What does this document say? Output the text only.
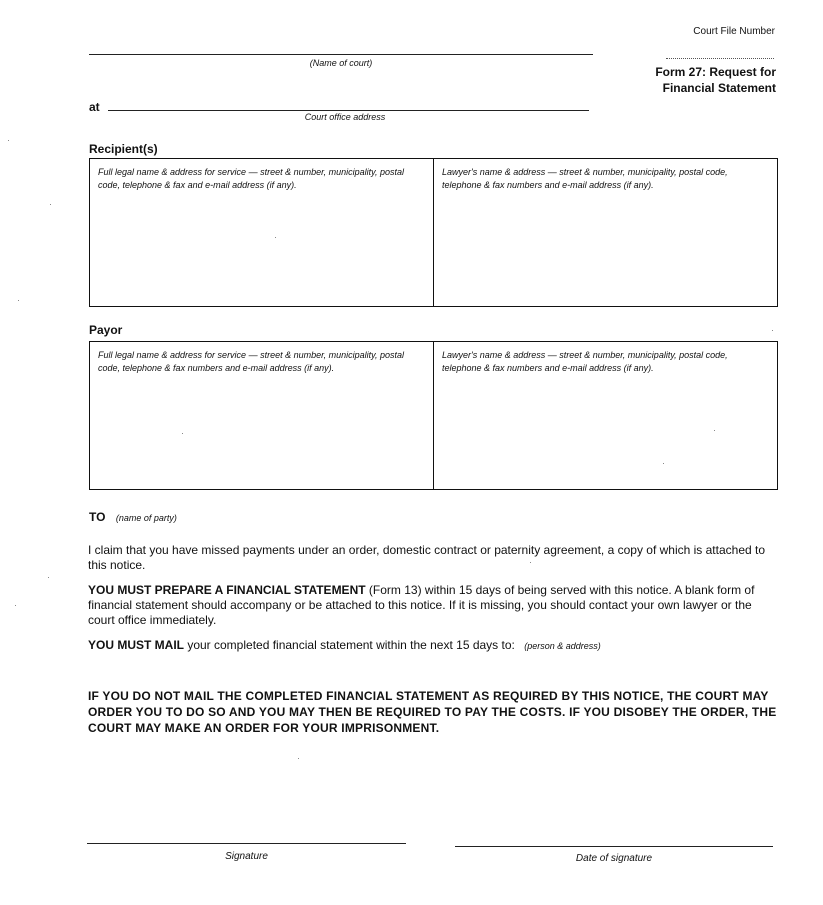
Court File Number
Form 27: Request for
Financial Statement
(Name of court)
at
Court office address
Recipient(s)
Full legal name & address for service — street & number, municipality, postal code, telephone & fax and e-mail address (if any).
Lawyer's name & address — street & number, municipality, postal code, telephone & fax numbers and e-mail address (if any).
Payor
Full legal name & address for service — street & number, municipality, postal code, telephone & fax numbers and e-mail address (if any).
Lawyer's name & address — street & number, municipality, postal code, telephone & fax numbers and e-mail address (if any).
TO (name of party)
I claim that you have missed payments under an order, domestic contract or paternity agreement, a copy of which is attached to this notice.
YOU MUST PREPARE A FINANCIAL STATEMENT (Form 13) within 15 days of being served with this notice. A blank form of financial statement should accompany or be attached to this notice. If it is missing, you should contact your own lawyer or the court office immediately.
YOU MUST MAIL your completed financial statement within the next 15 days to: (person & address)
IF YOU DO NOT MAIL THE COMPLETED FINANCIAL STATEMENT AS REQUIRED BY THIS NOTICE, THE COURT MAY ORDER YOU TO DO SO AND YOU MAY THEN BE REQUIRED TO PAY THE COSTS. IF YOU DISOBEY THE ORDER, THE COURT MAY MAKE AN ORDER FOR YOUR IMPRISONMENT.
Signature	Date of signature
